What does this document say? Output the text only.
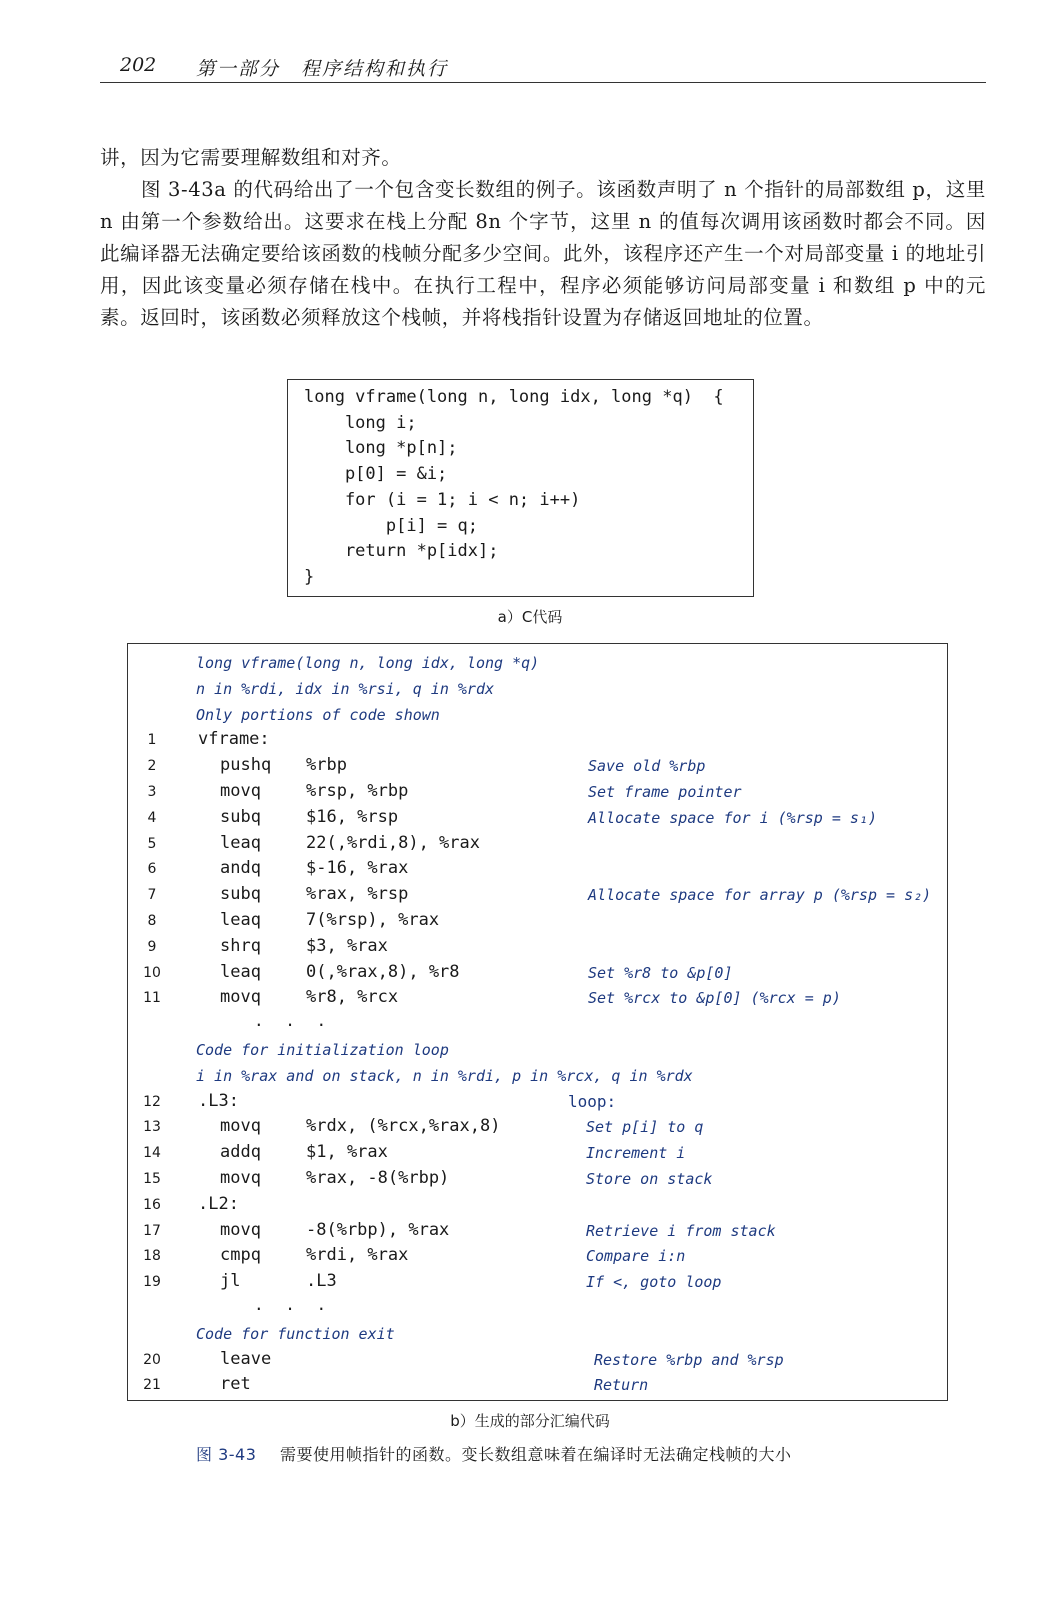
202 第一部分　程序结构和执行

讲，因为它需要理解数组和对齐。

图 3-43a 的代码给出了一个包含变长数组的例子。该函数声明了 n 个指针的局部数组 p，这里 n 由第一个参数给出。这要求在栈上分配 8n 个字节，这里 n 的值每次调用该函数时都会不同。因此编译器无法确定要给该函数的栈帧分配多少空间。此外，该程序还产生一个对局部变量 i 的地址引用，因此该变量必须存储在栈中。在执行工程中，程序必须能够访问局部变量 i 和数组 p 中的元素。返回时，该函数必须释放这个栈帧，并将栈指针设置为存储返回地址的位置。

long vframe(long n, long idx, long *q)  {
long i;
long *p[n];
p[0] = &i;
for (i = 1; i < n; i++)
p[i] = q;
return *p[idx];
}
a）C代码
long vframe(long n, long idx, long *q)
n in %rdi, idx in %rsi, q in %rdx
Only portions of code shown
1	vframe:
2	pushq %rbp	Save old %rbp
3	movq	%rsp, %rbp	Set frame pointer
4	subq	$16, %rsp	Allocate space for i (%rsp = s₁)
5	leaq	22(,%rdi,8), %rax
6	andq	$-16, %rax
7	subq	%rax, %rsp	Allocate space for array p (%rsp = s₂)
8	leaq	7(%rsp), %rax
9	shrq	$3, %rax
10	leaq	0(,%rax,8), %r8	Set %r8 to &p[0]
11	movq	%r8, %rcx	Set %rcx to &p[0] (%rcx = p)
. . .
Code for initialization loop
i in %rax and on stack, n in %rdi, p in %rcx, q in %rdx
12 .L3:	loop:
13	movq	%rdx, (%rcx,%rax,8)	Set p[i] to q
14	addq	$1, %rax	Increment i
15	movq	%rax, -8(%rbp)	Store on stack
16 .L2:
17	movq	-8(%rbp), %rax	Retrieve i from stack
18	cmpq	%rdi, %rax	Compare i:n
19	jl	.L3	If <, goto loop
. . .
Code for function exit
20	leave	Restore %rbp and %rsp
21	ret	Return
b）生成的部分汇编代码
图 3-43 需要使用帧指针的函数。变长数组意味着在编译时无法确定栈帧的大小
